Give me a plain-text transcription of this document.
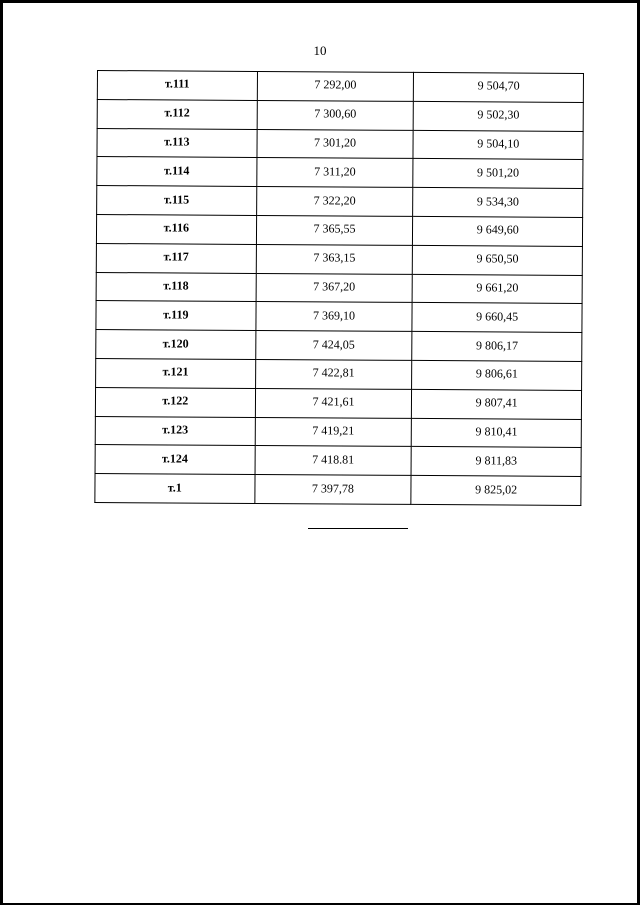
10
т.111	7 292,00	9 504,70
т.112	7 300,60	9 502,30
т.113	7 301,20	9 504,10
т.114	7 311,20	9 501,20
т.115	7 322,20	9 534,30
т.116	7 365,55	9 649,60
т.117	7 363,15	9 650,50
т.118	7 367,20	9 661,20
т.119	7 369,10	9 660,45
т.120	7 424,05	9 806,17
т.121	7 422,81	9 806,61
т.122	7 421,61	9 807,41
т.123	7 419,21	9 810,41
т.124	7 418.81	9 811,83
т.1	7 397,78	9 825,02
